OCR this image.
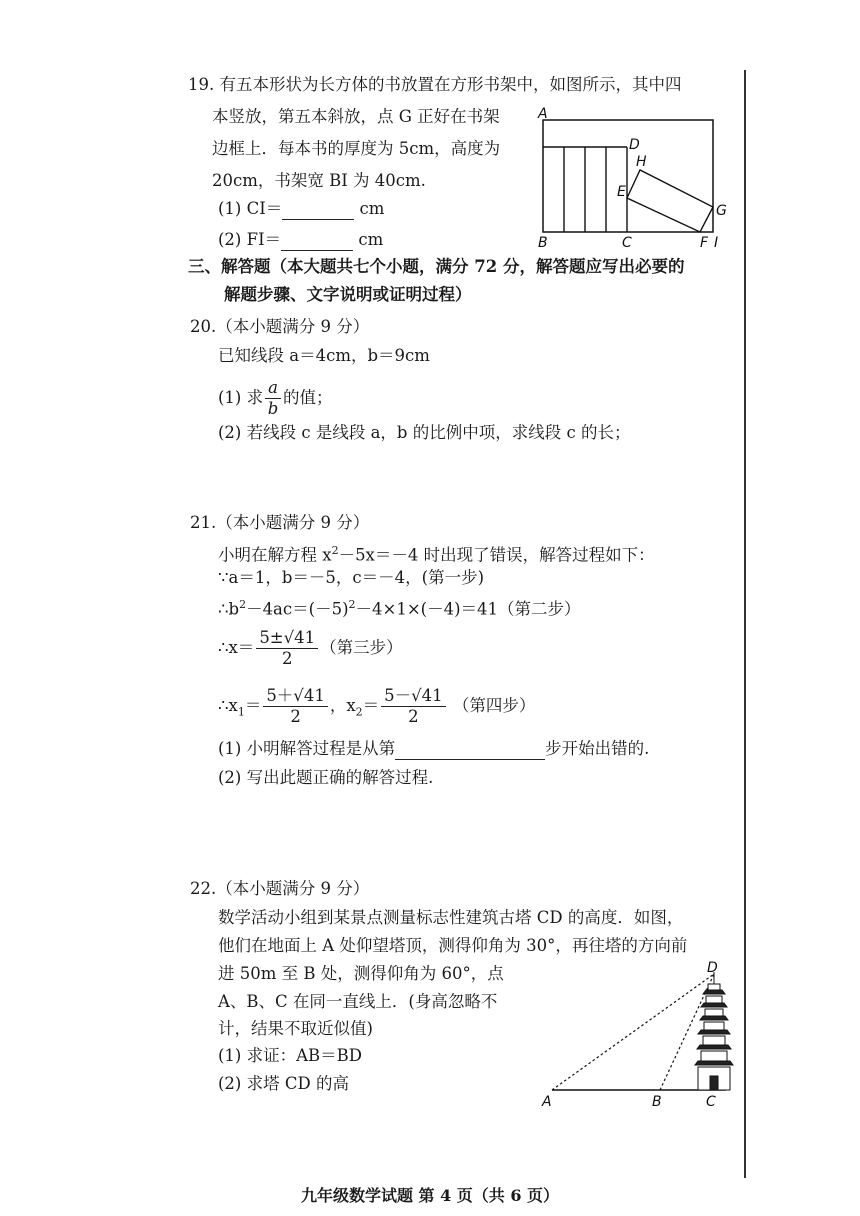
19. 有五本形状为长方体的书放置在方形书架中，如图所示，其中四
本竖放，第五本斜放，点 G 正好在书架
边框上．每本书的厚度为 5cm，高度为
20cm，书架宽 BI 为 40cm.
(1) CI＝	cm
(2) FI＝	cm
A
D
H
E
G
B	C	F I
三、解答题（本大题共七个小题，满分 72 分，解答题应写出必要的
解题步骤、文字说明或证明过程）
20.（本小题满分 9 分）
已知线段 a＝4cm，b＝9cm
(1) 求 $\frac{a}{b}$ 的值；
(2) 若线段 c 是线段 a，b 的比例中项，求线段 c 的长；
21.（本小题满分 9 分）
小明在解方程 $x^2-5x=-4$ 时出现了错误，解答过程如下：
∵a＝1，b＝－5，c＝－4，(第一步)
$\therefore b^2-4ac=(-5)^2-4\times 1\times(-4)=41$（第二步）
∴x＝ $\frac{5\pm√41}{2}$ （第三步）
$\therefore x_1= \frac{5+√41}{2}$ ，$x_2= \frac{5-√41}{2}$ （第四步）
(1) 小明解答过程是从第	步开始出错的.
(2) 写出此题正确的解答过程.
22.（本小题满分 9 分）
数学活动小组到某景点测量标志性建筑古塔 CD 的高度．如图，
他们在地面上 A 处仰望塔顶，测得仰角为 30°，再往塔的方向前
进 50m 至 B 处，测得仰角为 60°，点
A、B、C 在同一直线上．(身高忽略不
计，结果不取近似值)
(1) 求证：AB＝BD
(2) 求塔 CD 的高
A	B	C
D
九年级数学试题 第 4 页（共 6 页）
